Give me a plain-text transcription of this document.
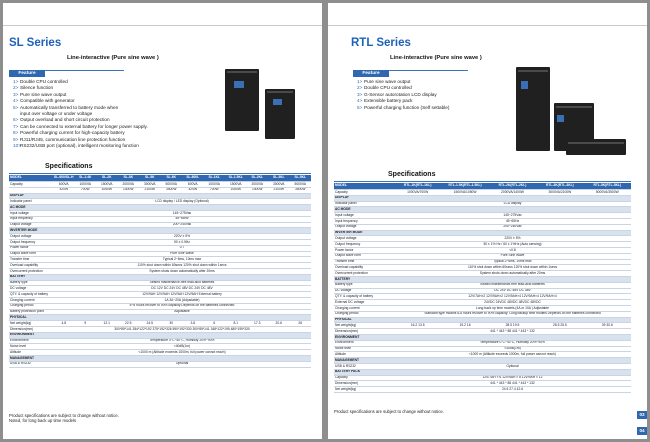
SL Series
Line-interactive (Pure sine wave )
Feature
1> Double CPU controlled
2> Silence function
3> Pure sine wave output
4> Compatible with generator
5> Automatically transferred to battery mode when
input over voltage or under voltage
6> Output overload and short circuit protection
7> Can be connected to external battery for longer power supply.
8> Powerful charging current for high-capacity battery
9> RJ11/RJ45, communication line protection function
10>RS232/USB port (optional), intelligent monitoring function
Specifications
MODEL	SL-600/SL-H	SL-1.4K	SL-2K	SL-3K	SL-5K	SL-6K	SL-800L	SL-1KL	SL-1.5KL	SL-2KL	SL-3KL	SL-5KL
Capacity	600VA	1000VA	1500VA	2000VA	3000VA	5000VA	600VA	1000VA	1500VA	2000VA	3000VA	5000VA
	420W	700W	1050W	1400W	2100W	3500W	420W	700W	1050W	1400W	2100W	3500W
DISPLAY												
Indicator panel	LCD display / LED display (Optional)											
AC MODE												
Input voltage	145~275Vac											
Input frequency	45~65Hz											
Output voltage	200~240Vac											
INVERTER MODE												
Output voltage	220V ± 5%											
Output frequency	50 ± 0.5Hz											
Power factor	0.7											
Output wave form	Pure Sine Wave											
Transfer time	Typical 2~6ms, 10ms max											
Overload capability	110% shut down within 60secs 120% shut down within 1secs											
Overcurrent protection	System shuts down automatically after 20ms											
BATTERY												
Battery type	Sealed maintenance-free lead-acid batteries											
DC voltage	DC 12V DC 24V DC 48V DC 24V DC 48V											
QTY. & capacity of battery	12V/9AH 12V/9AH 12V/9AH 12V/9AH External battery											
Charging current	1A 3A~20A (Adjustable)											
Charging period	6~8 hours recover to 90% capacity Depends on the batteries connected											
Battery protection point	Adjustable											
PHYSICAL												
Net weight(kg)	4.8	9	12.1	22.5	24.5	30	3.8	6	8.1	17.3	20.6	26
Dimension(mm)	300*85*141 354*122*192 375*192*326 590*192*330 300*85*141 348*122*195 480*195*330											
ENVIRONMENT												
Environment	Temperature 0°C~40°C, Humidity 20%~90%											
Noise level	<40dB(1m)											
Altitude	<1000 m (Altitude exceeds 1000m, full power cannot reach)											
MANAGEMENT												
USB & RS232	Optional											
Product specifications are subject to change without notice.
Noted, for long back up time models
RTL Series
Line-interactive (Pure sine wave )
Feature
1> Pure sine wave output
2> Double CPU controlled
3> G-Sensor autorotation LCD display
4> Extensible battery pack
5> Powerful charging function (Self settable)
Specifications
MODEL	RTL-1K(RTL-1KL)	RTL-1.5K(RTL-1.5KL)	RTL-2K(RTL-2KL)	RTL-3K(RTL-3KL)	RTL-5K(RTL-5KL)
Capacity	1000VA/700W	1500VA/1050W	2000VA/1400W	3000VA/2100W	5000VA/3500W
DISPLAY					
Indicator panel	LCD display				
AC MODE					
Input voltage	145~275Vac				
Input frequency	45~65Hz				
Output voltage	200~240Vac				
INVERTER MODE					
Output voltage	220V ± 5%				
Output frequency	50 ± 1% Hz / 60 ± 1%Hz (Auto sensing)				
Power factor	<0.8				
Output wave form	Pure Sine Wave				
Transfer time	Typical 2~6ms, 10ms max				
Overload capability	110% shut down within 60secs 120% shut down within 1secs				
Overcurrent protection	System shuts down automatically after 20ms				
BATTERY					
Battery type	Sealed maintenance-free lead-acid batteries				
DC voltage	DC 24V DC 48V DC 48V				
QTY. & capacity of battery	12V/7AH×2 12V/9AH×2 12V/9AH×4 12V/9AH×4 12V/9AH×4				
External DC voltage	24VDC 24VDC 48VDC 48VDC 48VDC				
Charging current	Long back up time models (4A or 10A ) Adjustable				
Charging period	Standard type models 6-8 hours recover to 90% capacity; Long backup time models Depends on the batteries connected				
PHYSICAL					
Net weight(kg)	16.2 13.5	19.2 16	28.5 19.5	28.5 25.5	39 30.6
Dimension(mm)	441 * 443 * 88 441 * 443 * 132				
ENVIRONMENT					
Environment	Temperature 0°C~40°C, Humidity 20%~90%				
Noise level	<40dB(1m)				
Altitude	<1000 m (Altitude exceeds 1000m, full power cannot reach)				
MANAGEMENT					
USB & RS232	Optional				
BATTERY PACK					
Capacity	12V/7AH × 6 12V/9AH × 8 12V/9AH × 12				
Dimension(mm)	441 * 443 * 88 441 * 443 * 132				
Net weight(kg)	24.5 27.4 42.6				
Product specifications are subject to change without notice.
03
04
